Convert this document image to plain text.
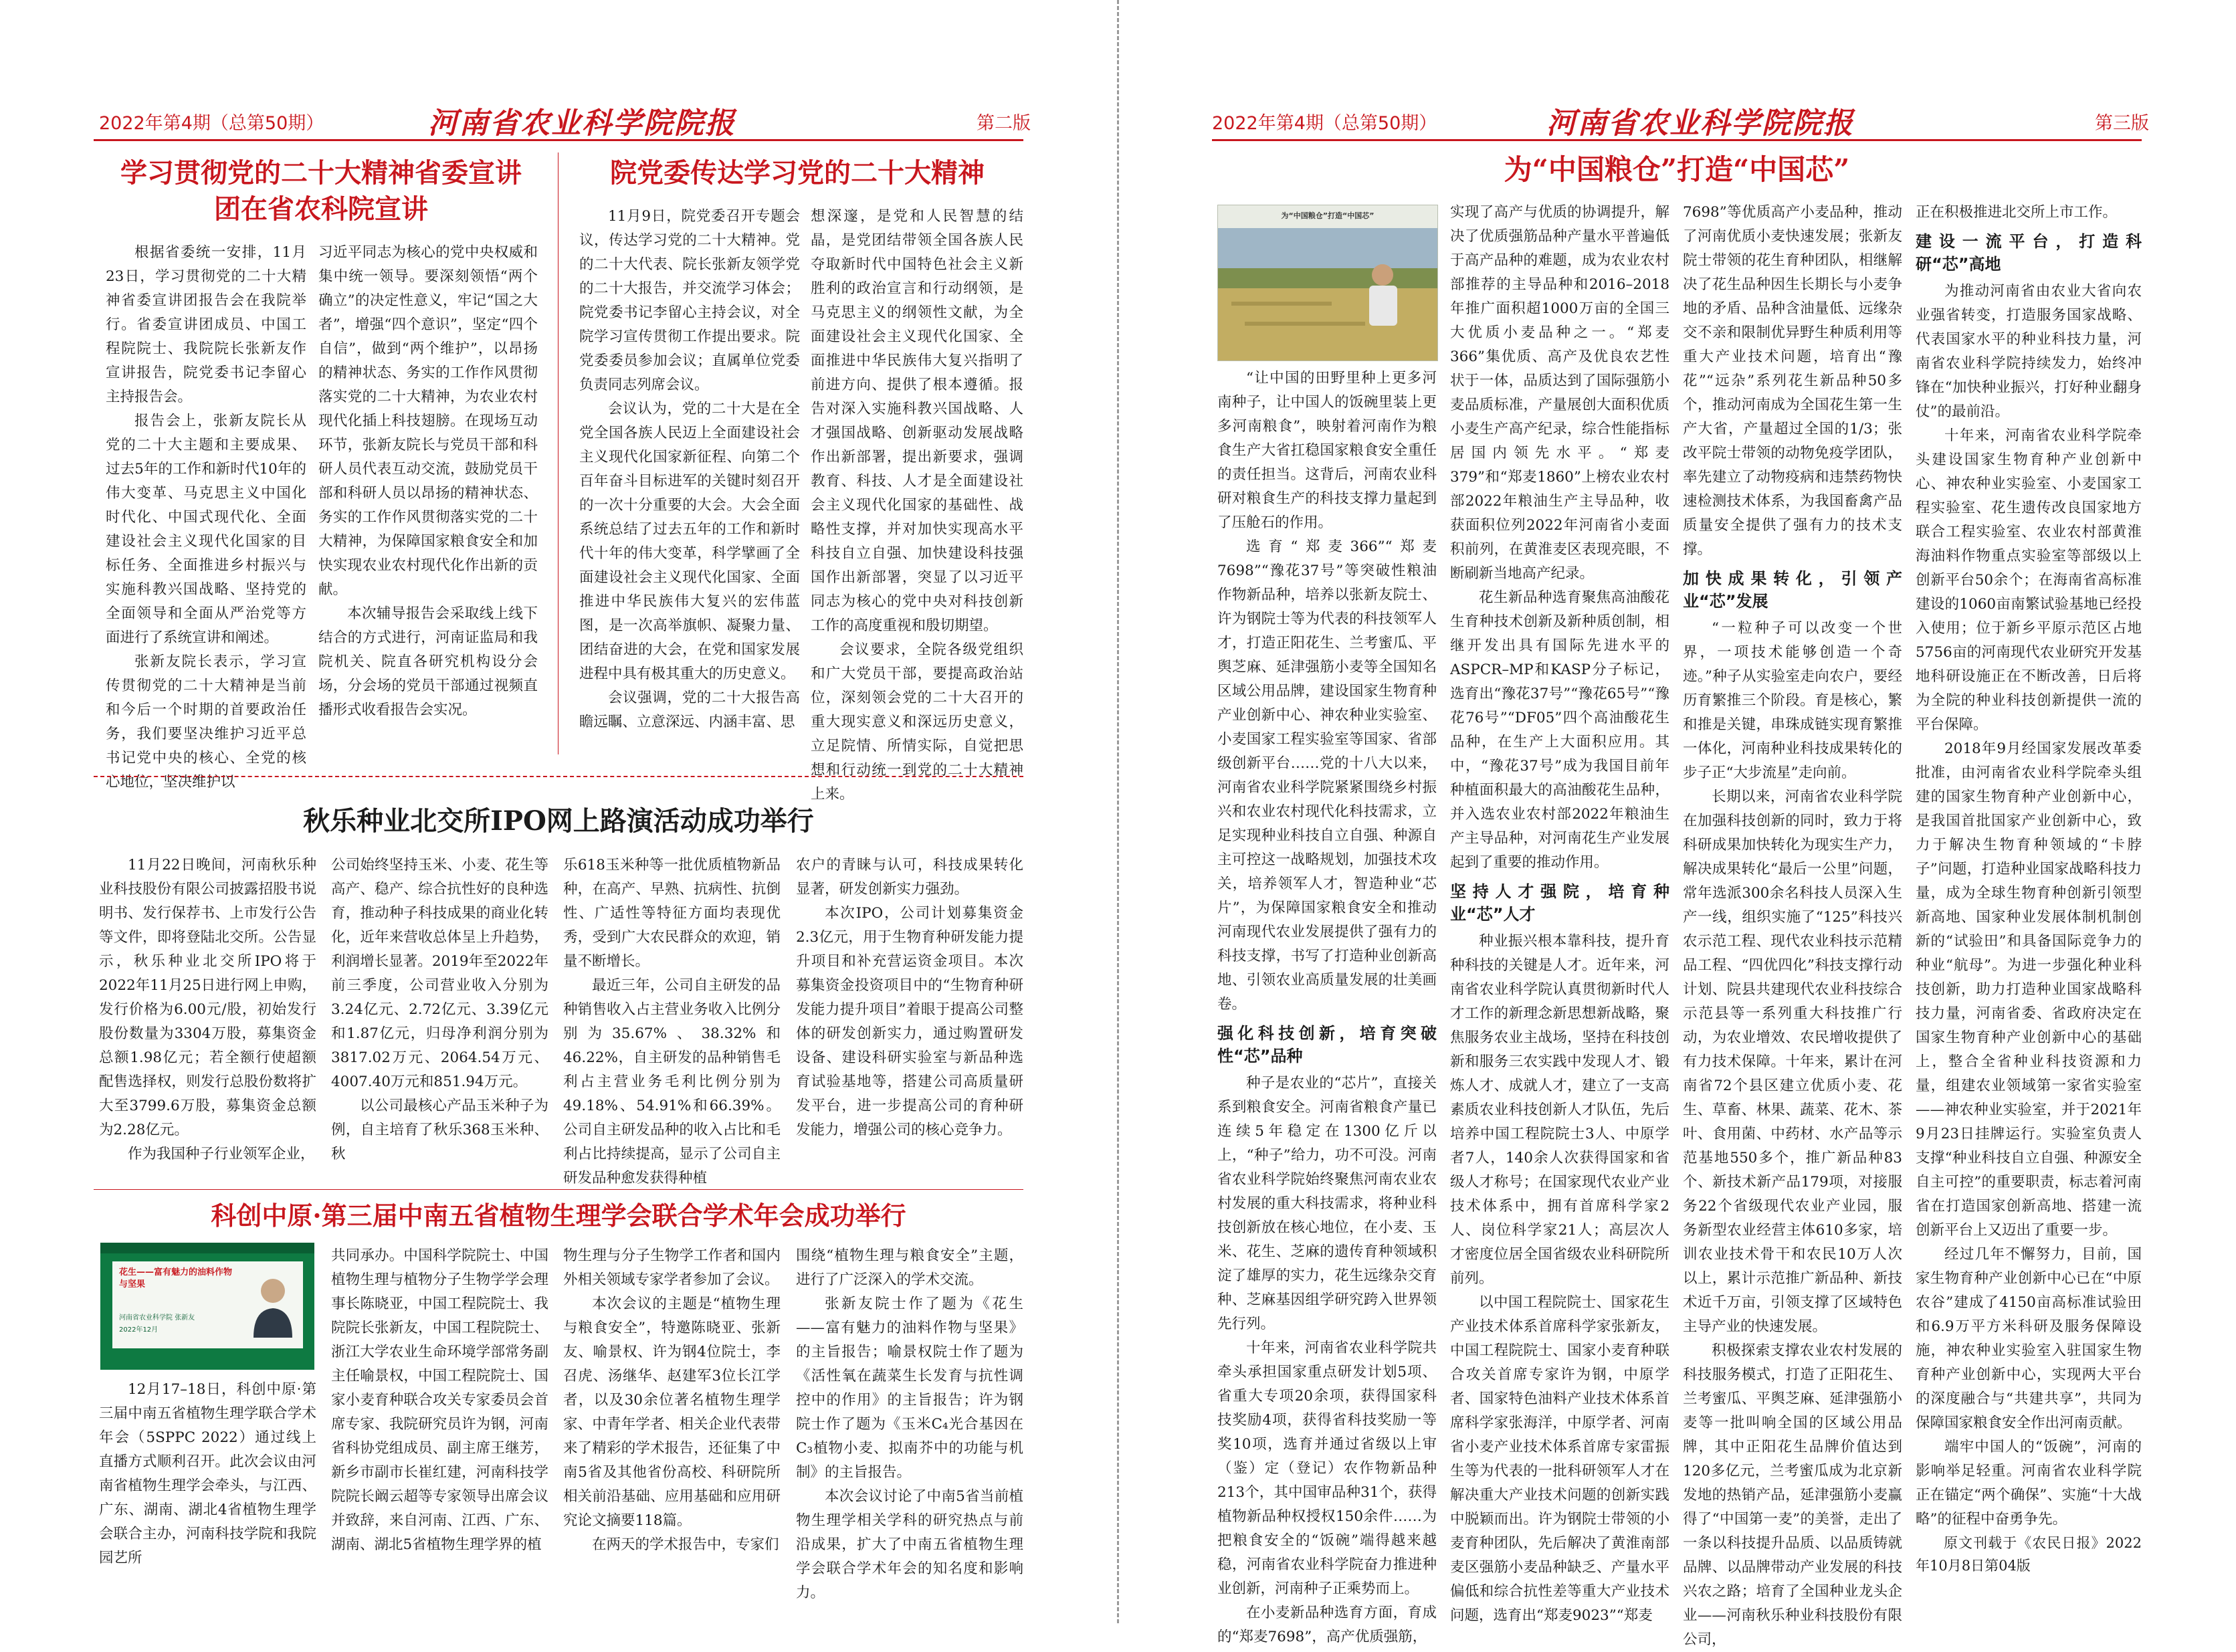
2022年第4期（总第50期）	河南省农业科学院院报	第二版
学习贯彻党的二十大精神省委宣讲
团在省农科院宣讲

根据省委统一安排，11月23日，学习贯彻党的二十大精神省委宣讲团报告会在我院举行。省委宣讲团成员、中国工程院院士、我院院长张新友作宣讲报告，院党委书记李留心主持报告会。

报告会上，张新友院长从党的二十大主题和主要成果、过去5年的工作和新时代10年的伟大变革、马克思主义中国化时代化、中国式现代化、全面建设社会主义现代化国家的目标任务、全面推进乡村振兴与实施科教兴国战略、坚持党的全面领导和全面从严治党等方面进行了系统宣讲和阐述。

张新友院长表示，学习宣传贯彻党的二十大精神是当前和今后一个时期的首要政治任务，我们要坚决维护习近平总书记党中央的核心、全党的核心地位，坚决维护以

习近平同志为核心的党中央权威和集中统一领导。要深刻领悟“两个确立”的决定性意义，牢记“国之大者”，增强“四个意识”，坚定“四个自信”，做到“两个维护”，以昂扬的精神状态、务实的工作作风贯彻落实党的二十大精神，为农业农村现代化插上科技翅膀。在现场互动环节，张新友院长与党员干部和科研人员代表互动交流，鼓励党员干部和科研人员以昂扬的精神状态、务实的工作作风贯彻落实党的二十大精神，为保障国家粮食安全和加快实现农业农村现代化作出新的贡献。

本次辅导报告会采取线上线下结合的方式进行，河南证监局和我院机关、院直各研究机构设分会场，分会场的党员干部通过视频直播形式收看报告会实况。

院党委传达学习党的二十大精神

11月9日，院党委召开专题会议，传达学习党的二十大精神。党的二十大代表、院长张新友领学党的二十大报告，并交流学习体会；院党委书记李留心主持会议，对全院学习宣传贯彻工作提出要求。院党委委员参加会议；直属单位党委负责同志列席会议。

会议认为，党的二十大是在全党全国各族人民迈上全面建设社会主义现代化国家新征程、向第二个百年奋斗目标进军的关键时刻召开的一次十分重要的大会。大会全面系统总结了过去五年的工作和新时代十年的伟大变革，科学擘画了全面建设社会主义现代化国家、全面推进中华民族伟大复兴的宏伟蓝图，是一次高举旗帜、凝聚力量、团结奋进的大会，在党和国家发展进程中具有极其重大的历史意义。

会议强调，党的二十大报告高瞻远瞩、立意深远、内涵丰富、思

想深邃，是党和人民智慧的结晶，是党团结带领全国各族人民夺取新时代中国特色社会主义新胜利的政治宣言和行动纲领，是马克思主义的纲领性文献，为全面建设社会主义现代化国家、全面推进中华民族伟大复兴指明了前进方向、提供了根本遵循。报告对深入实施科教兴国战略、人才强国战略、创新驱动发展战略作出新部署，提出新要求，强调教育、科技、人才是全面建设社会主义现代化国家的基础性、战略性支撑，并对加快实现高水平科技自立自强、加快建设科技强国作出新部署，突显了以习近平同志为核心的党中央对科技创新工作的高度重视和殷切期望。

会议要求，全院各级党组织和广大党员干部，要提高政治站位，深刻领会党的二十大召开的重大现实意义和深远历史意义，立足院情、所情实际，自觉把思想和行动统一到党的二十大精神上来。

秋乐种业北交所IPO网上路演活动成功举行

11月22日晚间，河南秋乐种业科技股份有限公司披露招股书说明书、发行保荐书、上市发行公告等文件，即将登陆北交所。公告显示，秋乐种业北交所IPO将于2022年11月25日进行网上申购，发行价格为6.00元/股，初始发行股份数量为3304万股，募集资金总额1.98亿元；若全额行使超额配售选择权，则发行总股份数将扩大至3799.6万股，募集资金总额为2.28亿元。

作为我国种子行业领军企业，

公司始终坚持玉米、小麦、花生等高产、稳产、综合抗性好的良种选育，推动种子科技成果的商业化转化，近年来营收总体呈上升趋势，利润增长显著。2019年至2022年前三季度，公司营业收入分别为3.24亿元、2.72亿元、3.39亿元和1.87亿元，归母净利润分别为3817.02万元、2064.54万元、4007.40万元和851.94万元。

以公司最核心产品玉米种子为例，自主培育了秋乐368玉米种、秋

乐618玉米种等一批优质植物新品种，在高产、早熟、抗病性、抗倒性、广适性等特征方面均表现优秀，受到广大农民群众的欢迎，销量不断增长。

最近三年，公司自主研发的品种销售收入占主营业务收入比例分别为35.67%、38.32%和46.22%，自主研发的品种销售毛利占主营业务毛利比例分别为49.18%、54.91%和66.39%。公司自主研发品种的收入占比和毛利占比持续提高，显示了公司自主研发品种愈发获得种植

农户的青睐与认可，科技成果转化显著，研发创新实力强劲。

本次IPO，公司计划募集资金2.3亿元，用于生物育种研发能力提升项目和补充营运资金项目。本次募集资金投资项目中的“生物育种研发能力提升项目”着眼于提高公司整体的研发创新实力，通过购置研发设备、建设科研实验室与新品种选育试验基地等，搭建公司高质量研发平台，进一步提高公司的育种研发能力，增强公司的核心竞争力。

科创中原·第三届中南五省植物生理学会联合学术年会成功举行
花生——富有魅力的油料作物与坚果
河南省农业科学院 张新友
2022年12月

12月17–18日，科创中原·第三届中南五省植物生理学联合学术年会（5SPPC 2022）通过线上直播方式顺利召开。此次会议由河南省植物生理学会牵头，与江西、广东、湖南、湖北4省植物生理学会联合主办，河南科技学院和我院园艺所

共同承办。中国科学院院士、中国植物生理与植物分子生物学学会理事长陈晓亚，中国工程院院士、我院院长张新友，中国工程院院士、浙江大学农业生命环境学部常务副主任喻景权，中国工程院院士、国家小麦育种联合攻关专家委员会首席专家、我院研究员许为钢，河南省科协党组成员、副主席王继芳，新乡市副市长崔红建，河南科技学院院长阚云超等专家领导出席会议并致辞，来自河南、江西、广东、湖南、湖北5省植物生理学界的植

物生理与分子生物学工作者和国内外相关领域专家学者参加了会议。

本次会议的主题是“植物生理与粮食安全”，特邀陈晓亚、张新友、喻景权、许为钢4位院士，李召虎、汤继华、赵建军3位长江学者，以及30余位著名植物生理学家、中青年学者、相关企业代表带来了精彩的学术报告，还征集了中南5省及其他省份高校、科研院所相关前沿基础、应用基础和应用研究论文摘要118篇。

在两天的学术报告中，专家们

围绕“植物生理与粮食安全”主题，进行了广泛深入的学术交流。

张新友院士作了题为《花生——富有魅力的油料作物与坚果》的主旨报告；喻景权院士作了题为《活性氧在蔬菜生长发育与抗性调控中的作用》的主旨报告；许为钢院士作了题为《玉米C₄光合基因在C₃植物小麦、拟南芥中的功能与机制》的主旨报告。

本次会议讨论了中南5省当前植物生理学相关学科的研究热点与前沿成果，扩大了中南五省植物生理学会联合学术年会的知名度和影响力。

2022年第4期（总第50期）	河南省农业科学院院报	第三版
为“中国粮仓”打造“中国芯”
为“中国粮仓”打造“中国芯”

“让中国的田野里种上更多河南种子，让中国人的饭碗里装上更多河南粮食”，映射着河南作为粮食生产大省扛稳国家粮食安全重任的责任担当。这背后，河南农业科研对粮食生产的科技支撑力量起到了压舱石的作用。

选育“郑麦366”“郑麦7698”“豫花37号”等突破性粮油作物新品种，培养以张新友院士、许为钢院士等为代表的科技领军人才，打造正阳花生、兰考蜜瓜、平舆芝麻、延津强筋小麦等全国知名区域公用品牌，建设国家生物育种产业创新中心、神农种业实验室、小麦国家工程实验室等国家、省部级创新平台……党的十八大以来，河南省农业科学院紧紧围绕乡村振兴和农业农村现代化科技需求，立足实现种业科技自立自强、种源自主可控这一战略规划，加强技术攻关，培养领军人才，智造种业“芯片”，为保障国家粮食安全和推动河南现代农业发展提供了强有力的科技支撑，书写了打造种业创新高地、引领农业高质量发展的壮美画卷。

强化科技创新，培育突破性“芯”品种

种子是农业的“芯片”，直接关系到粮食安全。河南省粮食产量已连续5年稳定在1300亿斤以上，“种子”给力，功不可没。河南省农业科学院始终聚焦河南农业农村发展的重大科技需求，将种业科技创新放在核心地位，在小麦、玉米、花生、芝麻的遗传育种领域积淀了雄厚的实力，花生远缘杂交育种、芝麻基因组学研究跨入世界领先行列。

十年来，河南省农业科学院共牵头承担国家重点研发计划5项、省重大专项20余项，获得国家科技奖励4项，获得省科技奖励一等奖10项，选育并通过省级以上审（鉴）定（登记）农作物新品种213个，其中国审品种31个，获得植物新品种权授权150余件……为把粮食安全的“饭碗”端得越来越稳，河南省农业科学院奋力推进种业创新，河南种子正乘势而上。

在小麦新品种选育方面，育成的“郑麦7698”，高产优质强筋，

实现了高产与优质的协调提升，解决了优质强筋品种产量水平普遍低于高产品种的难题，成为农业农村部推荐的主导品种和2016–2018年推广面积超1000万亩的全国三大优质小麦品种之一。“郑麦366”集优质、高产及优良农艺性状于一体，品质达到了国际强筋小麦品质标准，产量展创大面积优质小麦生产高产纪录，综合性能指标居国内领先水平。“郑麦379”和“郑麦1860”上榜农业农村部2022年粮油生产主导品种，收获面积位列2022年河南省小麦面积前列，在黄淮麦区表现亮眼，不断刷新当地高产纪录。

花生新品种选育聚焦高油酸花生育种技术创新及新种质创制，相继开发出具有国际先进水平的ASPCR–MP和KASP分子标记，选育出“豫花37号”“豫花65号”“豫花76号”“DF05”四个高油酸花生品种，在生产上大面积应用。其中，“豫花37号”成为我国目前年种植面积最大的高油酸花生品种，并入选农业农村部2022年粮油生产主导品种，对河南花生产业发展起到了重要的推动作用。

坚持人才强院，培育种业“芯”人才

种业振兴根本靠科技，提升育种科技的关键是人才。近年来，河南省农业科学院认真贯彻新时代人才工作的新理念新思想新战略，聚焦服务农业主战场，坚持在科技创新和服务三农实践中发现人才、锻炼人才、成就人才，建立了一支高素质农业科技创新人才队伍，先后培养中国工程院院士3人、中原学者7人，140余人次获得国家和省级人才称号；在国家现代农业产业技术体系中，拥有首席科学家2人、岗位科学家21人；高层次人才密度位居全国省级农业科研院所前列。

以中国工程院院士、国家花生产业技术体系首席科学家张新友，中国工程院院士、国家小麦育种联合攻关首席专家许为钢，中原学者、国家特色油料产业技术体系首席科学家张海洋，中原学者、河南省小麦产业技术体系首席专家雷振生等为代表的一批科研领军人才在解决重大产业技术问题的创新实践中脱颖而出。许为钢院士带领的小麦育种团队，先后解决了黄淮南部麦区强筋小麦品种缺乏、产量水平偏低和综合抗性差等重大产业技术问题，选育出“郑麦9023”“郑麦

7698”等优质高产小麦品种，推动了河南优质小麦快速发展；张新友院士带领的花生育种团队，相继解决了花生品种因生长期长与小麦争地的矛盾、品种含油量低、远缘杂交不亲和限制优异野生种质利用等重大产业技术问题，培育出“豫花”“远杂”系列花生新品种50多个，推动河南成为全国花生第一生产大省，产量超过全国的1/3；张改平院士带领的动物免疫学团队，率先建立了动物疫病和违禁药物快速检测技术体系，为我国畜禽产品质量安全提供了强有力的技术支撑。

加快成果转化，引领产业“芯”发展

“一粒种子可以改变一个世界，一项技术能够创造一个奇迹。”种子从实验室走向农户，要经历育繁推三个阶段。育是核心，繁和推是关键，串珠成链实现育繁推一体化，河南种业科技成果转化的步子正“大步流星”走向前。

长期以来，河南省农业科学院在加强科技创新的同时，致力于将科研成果加快转化为现实生产力，解决成果转化“最后一公里”问题，常年选派300余名科技人员深入生产一线，组织实施了“125”科技兴农示范工程、现代农业科技示范精品工程、“四优四化”科技支撑行动计划、院县共建现代农业科技综合示范县等一系列重大科技推广行动，为农业增效、农民增收提供了有力技术保障。十年来，累计在河南省72个县区建立优质小麦、花生、草畜、林果、蔬菜、花木、茶叶、食用菌、中药材、水产品等示范基地550多个，推广新品种83个、新技术新产品179项，对接服务22个省级现代农业产业园，服务新型农业经营主体610多家，培训农业技术骨干和农民10万人次以上，累计示范推广新品种、新技术近千万亩，引领支撑了区域特色主导产业的快速发展。

积极探索支撑农业农村发展的科技服务模式，打造了正阳花生、兰考蜜瓜、平舆芝麻、延津强筋小麦等一批叫响全国的区域公用品牌，其中正阳花生品牌价值达到120多亿元，兰考蜜瓜成为北京新发地的热销产品，延津强筋小麦赢得了“中国第一麦”的美誉，走出了一条以科技提升品质、以品质铸就品牌、以品牌带动产业发展的科技兴农之路；培育了全国种业龙头企业——河南秋乐种业科技股份有限公司，

正在积极推进北交所上市工作。

建设一流平台，打造科研“芯”高地

为推动河南省由农业大省向农业强省转变，打造服务国家战略、代表国家水平的种业科技力量，河南省农业科学院持续发力，始终冲锋在“加快种业振兴，打好种业翻身仗”的最前沿。

十年来，河南省农业科学院牵头建设国家生物育种产业创新中心、神农种业实验室、小麦国家工程实验室、花生遗传改良国家地方联合工程实验室、农业农村部黄淮海油料作物重点实验室等部级以上创新平台50余个；在海南省高标准建设的1060亩南繁试验基地已经投入使用；位于新乡平原示范区占地5756亩的河南现代农业研究开发基地科研设施正在不断改善，日后将为全院的种业科技创新提供一流的平台保障。

2018年9月经国家发展改革委批准，由河南省农业科学院牵头组建的国家生物育种产业创新中心，是我国首批国家产业创新中心，致力于解决生物育种领域的“卡脖子”问题，打造种业国家战略科技力量，成为全球生物育种创新引领型新高地、国家种业发展体制机制创新的“试验田”和具备国际竞争力的种业“航母”。为进一步强化种业科技创新，助力打造种业国家战略科技力量，河南省委、省政府决定在国家生物育种产业创新中心的基础上，整合全省种业科技资源和力量，组建农业领域第一家省实验室——神农种业实验室，并于2021年9月23日挂牌运行。实验室负责人支撑“种业科技自立自强、种源安全自主可控”的重要职责，标志着河南省在打造国家创新高地、搭建一流创新平台上又迈出了重要一步。

经过几年不懈努力，目前，国家生物育种产业创新中心已在“中原农谷”建成了4150亩高标准试验田和6.9万平方米科研及服务保障设施，神农种业实验室入驻国家生物育种产业创新中心，实现两大平台的深度融合与“共建共享”，共同为保障国家粮食安全作出河南贡献。

端牢中国人的“饭碗”，河南的影响举足轻重。河南省农业科学院正在锚定“两个确保”、实施“十大战略”的征程中奋勇争先。

原文刊载于《农民日报》2022年10月8日第04版
